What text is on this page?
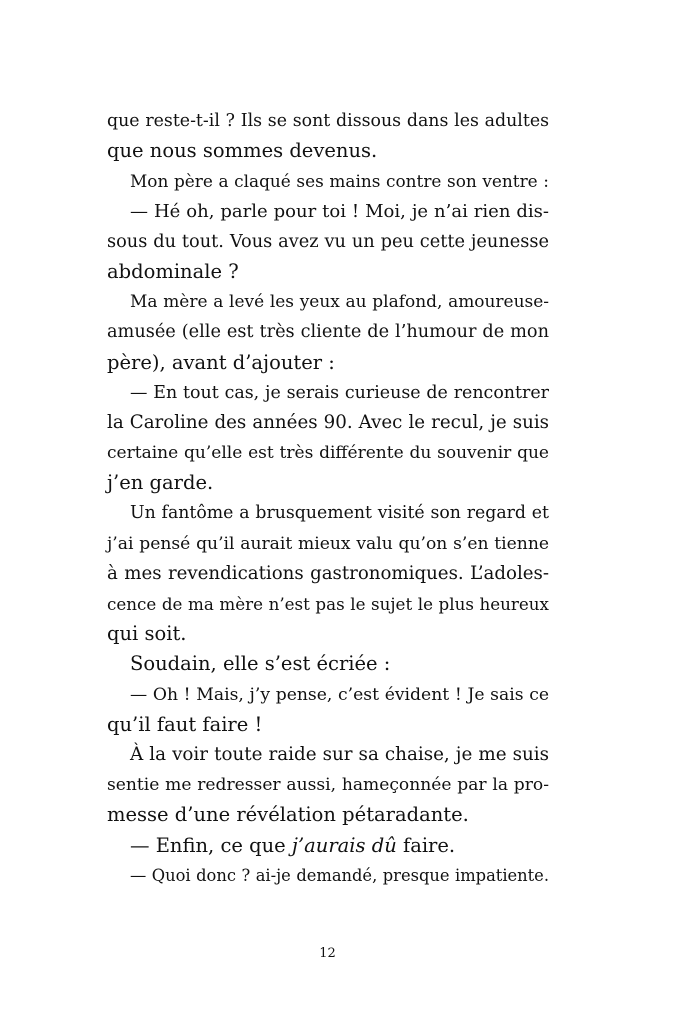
que reste-t-il ? Ils se sont dissous dans les adultes
que nous sommes devenus.
Mon père a claqué ses mains contre son ventre :
— Hé oh, parle pour toi ! Moi, je n’ai rien dis-
sous du tout. Vous avez vu un peu cette jeunesse
abdominale ?
Ma mère a levé les yeux au plafond, amoureuse-
amusée (elle est très cliente de l’humour de mon
père), avant d’ajouter :
— En tout cas, je serais curieuse de rencontrer
la Caroline des années 90. Avec le recul, je suis
certaine qu’elle est très différente du souvenir que
j’en garde.
Un fantôme a brusquement visité son regard et
j’ai pensé qu’il aurait mieux valu qu’on s’en tienne
à mes revendications gastronomiques. L’adoles-
cence de ma mère n’est pas le sujet le plus heureux
qui soit.
Soudain, elle s’est écriée :
— Oh ! Mais, j’y pense, c’est évident ! Je sais ce
qu’il faut faire !
À la voir toute raide sur sa chaise, je me suis
sentie me redresser aussi, hameçonnée par la pro-
messe d’une révélation pétaradante.
— Enfin, ce que j’aurais dû faire.
— Quoi donc ? ai-je demandé, presque impatiente.
12
